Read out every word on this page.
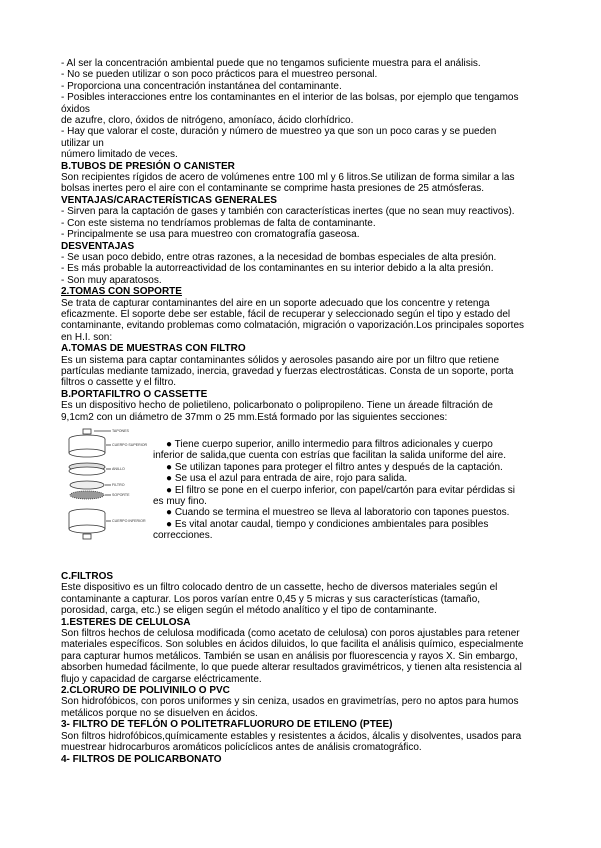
- Al ser la concentración ambiental puede que no tengamos suficiente muestra para el análisis.
- No se pueden utilizar o son poco prácticos para el muestreo personal.
- Proporciona una concentración instantánea del contaminante.
- Posibles interacciones entre los contaminantes en el interior de las bolsas, por ejemplo que tengamos
óxidos
de azufre, cloro, óxidos de nitrógeno, amoníaco, ácido clorhídrico.
- Hay que valorar el coste, duración y número de muestreo ya que son un poco caras y se pueden
utilizar un
número limitado de veces.
B.TUBOS DE PRESIÓN O CANISTER
Son recipientes rígidos de acero de volúmenes entre 100 ml y 6 litros.Se utilizan de forma similar a las
bolsas inertes pero el aire con el contaminante se comprime hasta presiones de 25 atmósferas.
VENTAJAS/CARACTERÍSTICAS GENERALES
- Sirven para la captación de gases y también con características inertes (que no sean muy reactivos).
- Con este sistema no tendríamos problemas de falta de contaminante.
- Principalmente se usa para muestreo con cromatografía gaseosa.
DESVENTAJAS
- Se usan poco debido, entre otras razones, a la necesidad de bombas especiales de alta presión.
- Es más probable la autorreactividad de los contaminantes en su interior debido a la alta presión.
- Son muy aparatosos.
2.TOMAS CON SOPORTE
Se trata de capturar contaminantes del aire en un soporte adecuado que los concentre y retenga
eficazmente. El soporte debe ser estable, fácil de recuperar y seleccionado según el tipo y estado del
contaminante, evitando problemas como colmatación, migración o vaporización.Los principales soportes
en H.I. son:
A.TOMAS DE MUESTRAS CON FILTRO
Es un sistema para captar contaminantes sólidos y aerosoles pasando aire por un filtro que retiene
partículas mediante tamizado, inercia, gravedad y fuerzas electrostáticas. Consta de un soporte, porta
filtros o cassette y el filtro.
B.PORTAFILTRO O CASSETTE
Es un dispositivo hecho de polietileno, policarbonato o polipropileno. Tiene un áreade filtración de
9,1cm2 con un diámetro de 37mm o 25 mm.Está formado por las siguientes secciones:
TAPONES
CUERPO SUPERIOR
ANILLO
FILTRO
SOPORTE
CUERPO INFERIOR
● Tiene cuerpo superior, anillo intermedio para filtros adicionales y cuerpo
inferior de salida,que cuenta con estrías que facilitan la salida uniforme del aire.
● Se utilizan tapones para proteger el filtro antes y después de la captación.
● Se usa el azul para entrada de aire, rojo para salida.
● El filtro se pone en el cuerpo inferior, con papel/cartón para evitar pérdidas si
es muy fino.
● Cuando se termina el muestreo se lleva al laboratorio con tapones puestos.
● Es vital anotar caudal, tiempo y condiciones ambientales para posibles
correcciones.
C.FILTROS
Este dispositivo es un filtro colocado dentro de un cassette, hecho de diversos materiales según el
contaminante a capturar. Los poros varían entre 0,45 y 5 micras y sus características (tamaño,
porosidad, carga, etc.) se eligen según el método analítico y el tipo de contaminante.
1.ESTERES DE CELULOSA
Son filtros hechos de celulosa modificada (como acetato de celulosa) con poros ajustables para retener
materiales específicos. Son solubles en ácidos diluidos, lo que facilita el análisis químico, especialmente
para capturar humos metálicos. También se usan en análisis por fluorescencia y rayos X. Sin embargo,
absorben humedad fácilmente, lo que puede alterar resultados gravimétricos, y tienen alta resistencia al
flujo y capacidad de cargarse eléctricamente.
2.CLORURO DE POLIVINILO O PVC
Son hidrofóbicos, con poros uniformes y sin ceniza, usados en gravimetrías, pero no aptos para humos
metálicos porque no se disuelven en ácidos.
3- FILTRO DE TEFLÓN O POLITETRAFLUORURO DE ETILENO (PTEE)
Son filtros hidrofóbicos,químicamente estables y resistentes a ácidos, álcalis y disolventes, usados para
muestrear hidrocarburos aromáticos policíclicos antes de análisis cromatográfico.
4- FILTROS DE POLICARBONATO
